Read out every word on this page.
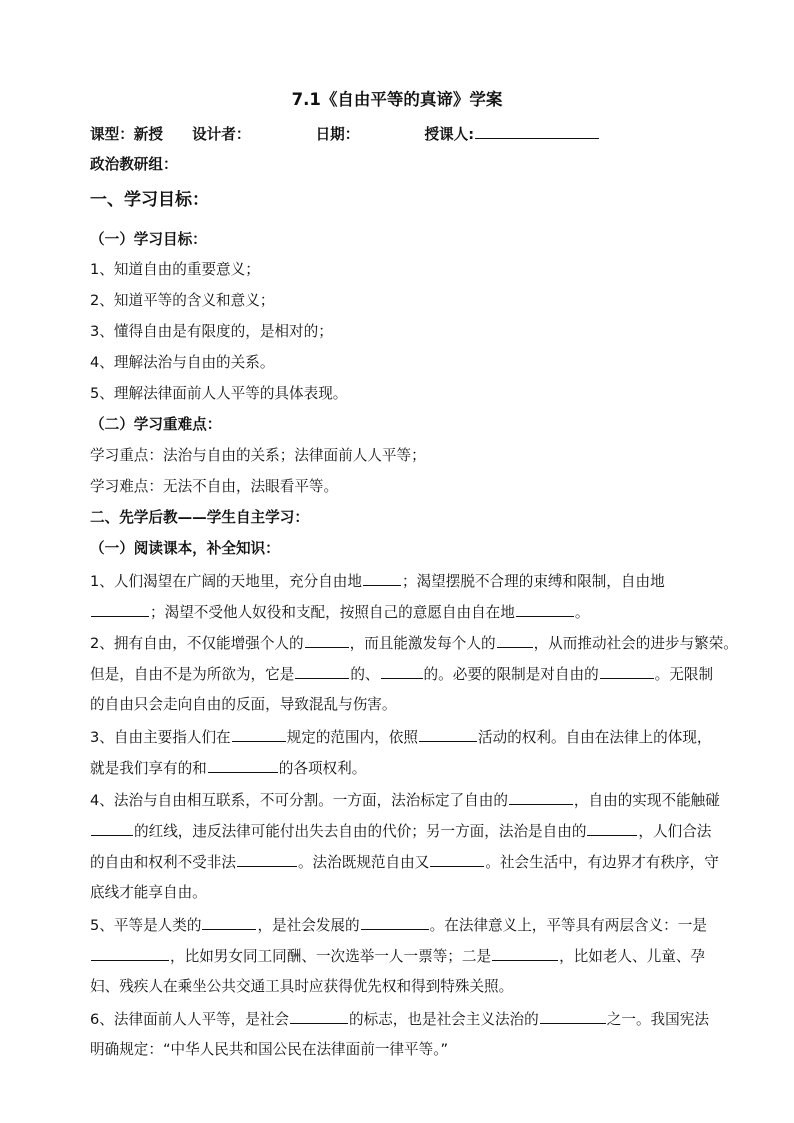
7.1《自由平等的真谛》学案
课型：新授 设计者：	日期：	授课人:
政治教研组：
一、学习目标：
（一）学习目标：
1、知道自由的重要意义；
2、知道平等的含义和意义；
3、懂得自由是有限度的，是相对的；
4、理解法治与自由的关系。
5、理解法律面前人人平等的具体表现。
（二）学习重难点：
学习重点：法治与自由的关系；法律面前人人平等；
学习难点：无法不自由，法眼看平等。
二、先学后教——学生自主学习：
（一）阅读课本，补全知识：
1、人们渴望在广阔的天地里，充分自由地	；渴望摆脱不合理的束缚和限制，自由地
；渴望不受他人奴役和支配，按照自己的意愿自由自在地	。
2、拥有自由，不仅能增强个人的	，而且能激发每个人的	，从而推动社会的进步与繁荣。
但是，自由不是为所欲为，它是	的、	的。必要的限制是对自由的	。无限制
的自由只会走向自由的反面，导致混乱与伤害。
3、自由主要指人们在	规定的范围内，依照	活动的权利。自由在法律上的体现，
就是我们享有的和	的各项权利。
4、法治与自由相互联系，不可分割。一方面，法治标定了自由的	，自由的实现不能触碰
的红线，违反法律可能付出失去自由的代价；另一方面，法治是自由的	，人们合法
的自由和权利不受非法	。法治既规范自由又	。社会生活中，有边界才有秩序，守
底线才能享自由。
5、平等是人类的	，是社会发展的	。在法律意义上，平等具有两层含义：一是
，比如男女同工同酬、一次选举一人一票等；二是	，比如老人、儿童、孕
妇、残疾人在乘坐公共交通工具时应获得优先权和得到特殊关照。
6、法律面前人人平等，是社会	的标志，也是社会主义法治的	之一。我国宪法
明确规定：“中华人民共和国公民在法律面前一律平等。”
